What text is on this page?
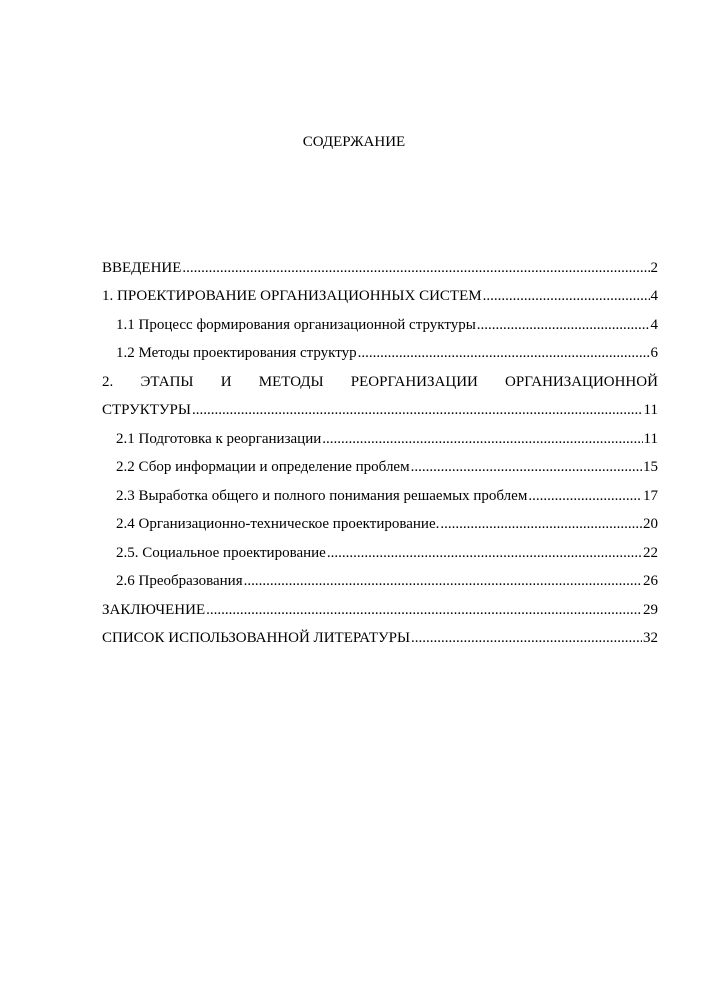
СОДЕРЖАНИЕ
ВВЕДЕНИЕ .....	2
1. ПРОЕКТИРОВАНИЕ ОРГАНИЗАЦИОННЫХ СИСТЕМ .....	4
1.1 Процесс формирования организационной структуры .....	4
1.2 Методы проектирования структур .....	6
2. ЭТАПЫ И МЕТОДЫ РЕОРГАНИЗАЦИИ ОРГАНИЗАЦИОННОЙ
СТРУКТУРЫ .....	11
2.1 Подготовка к реорганизации .....	11
2.2 Сбор информации и определение проблем .....	15
2.3 Выработка общего и полного понимания решаемых проблем .....	17
2.4 Организационно-техническое проектирование. .....	20
2.5. Социальное проектирование .....	22
2.6 Преобразования .....	26
ЗАКЛЮЧЕНИЕ .....	29
СПИСОК ИСПОЛЬЗОВАННОЙ ЛИТЕРАТУРЫ .....	32
